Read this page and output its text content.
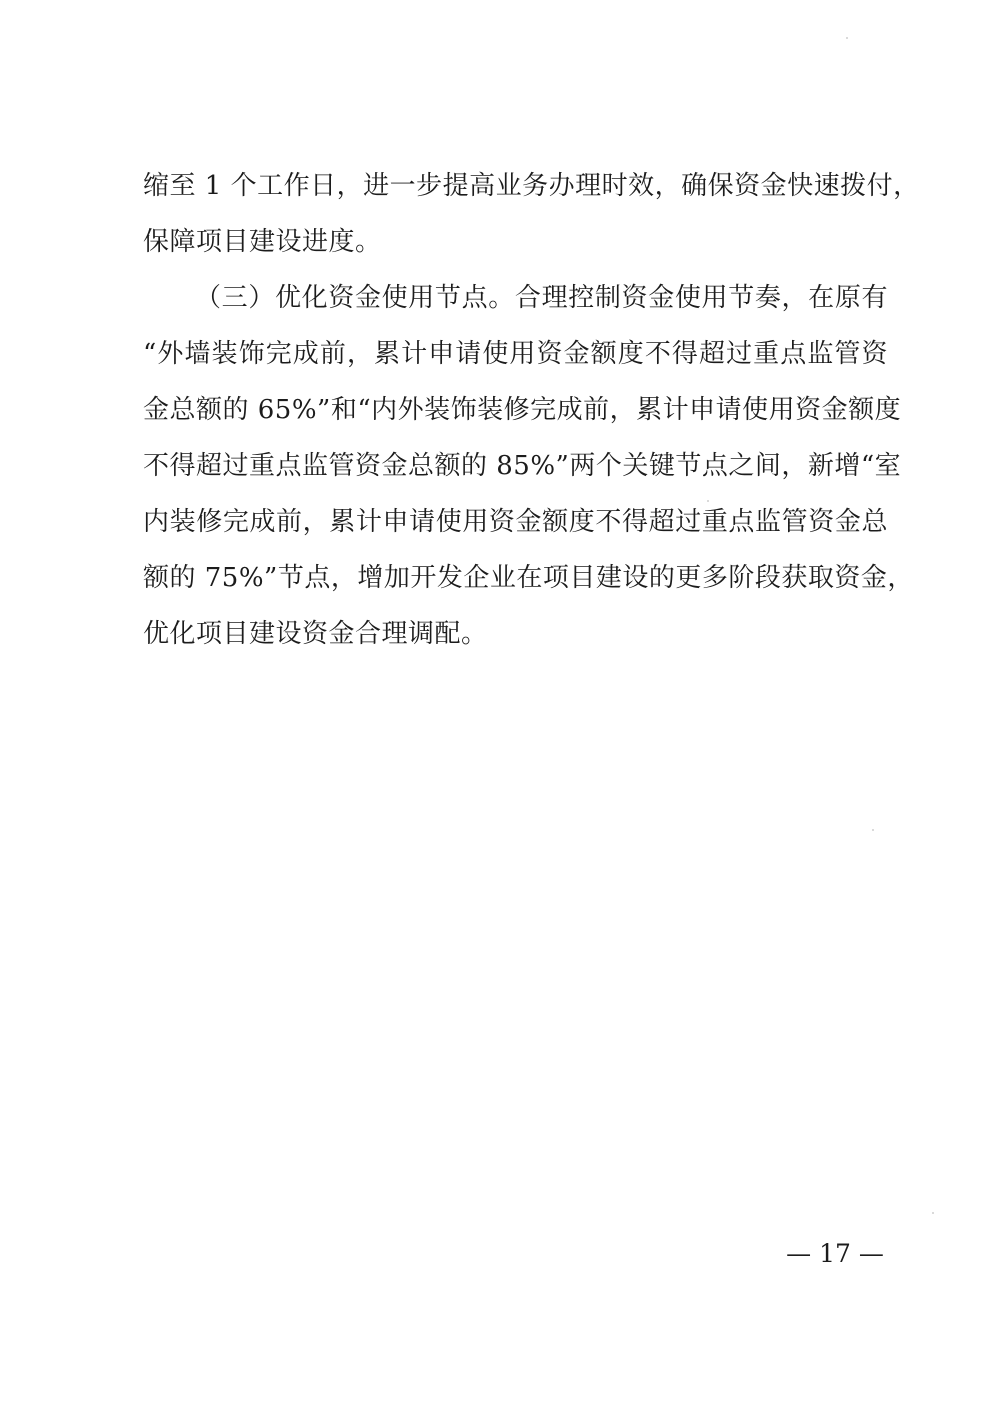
缩至 1 个工作日，进一步提高业务办理时效，确保资金快速拨付，
保障项目建设进度。
（三）优化资金使用节点。合理控制资金使用节奏，在原有
“外墙装饰完成前，累计申请使用资金额度不得超过重点监管资
金总额的 65%”和“内外装饰装修完成前，累计申请使用资金额度
不得超过重点监管资金总额的 85%”两个关键节点之间，新增“室
内装修完成前，累计申请使用资金额度不得超过重点监管资金总
额的 75%”节点，增加开发企业在项目建设的更多阶段获取资金，
优化项目建设资金合理调配。
— 17 —
